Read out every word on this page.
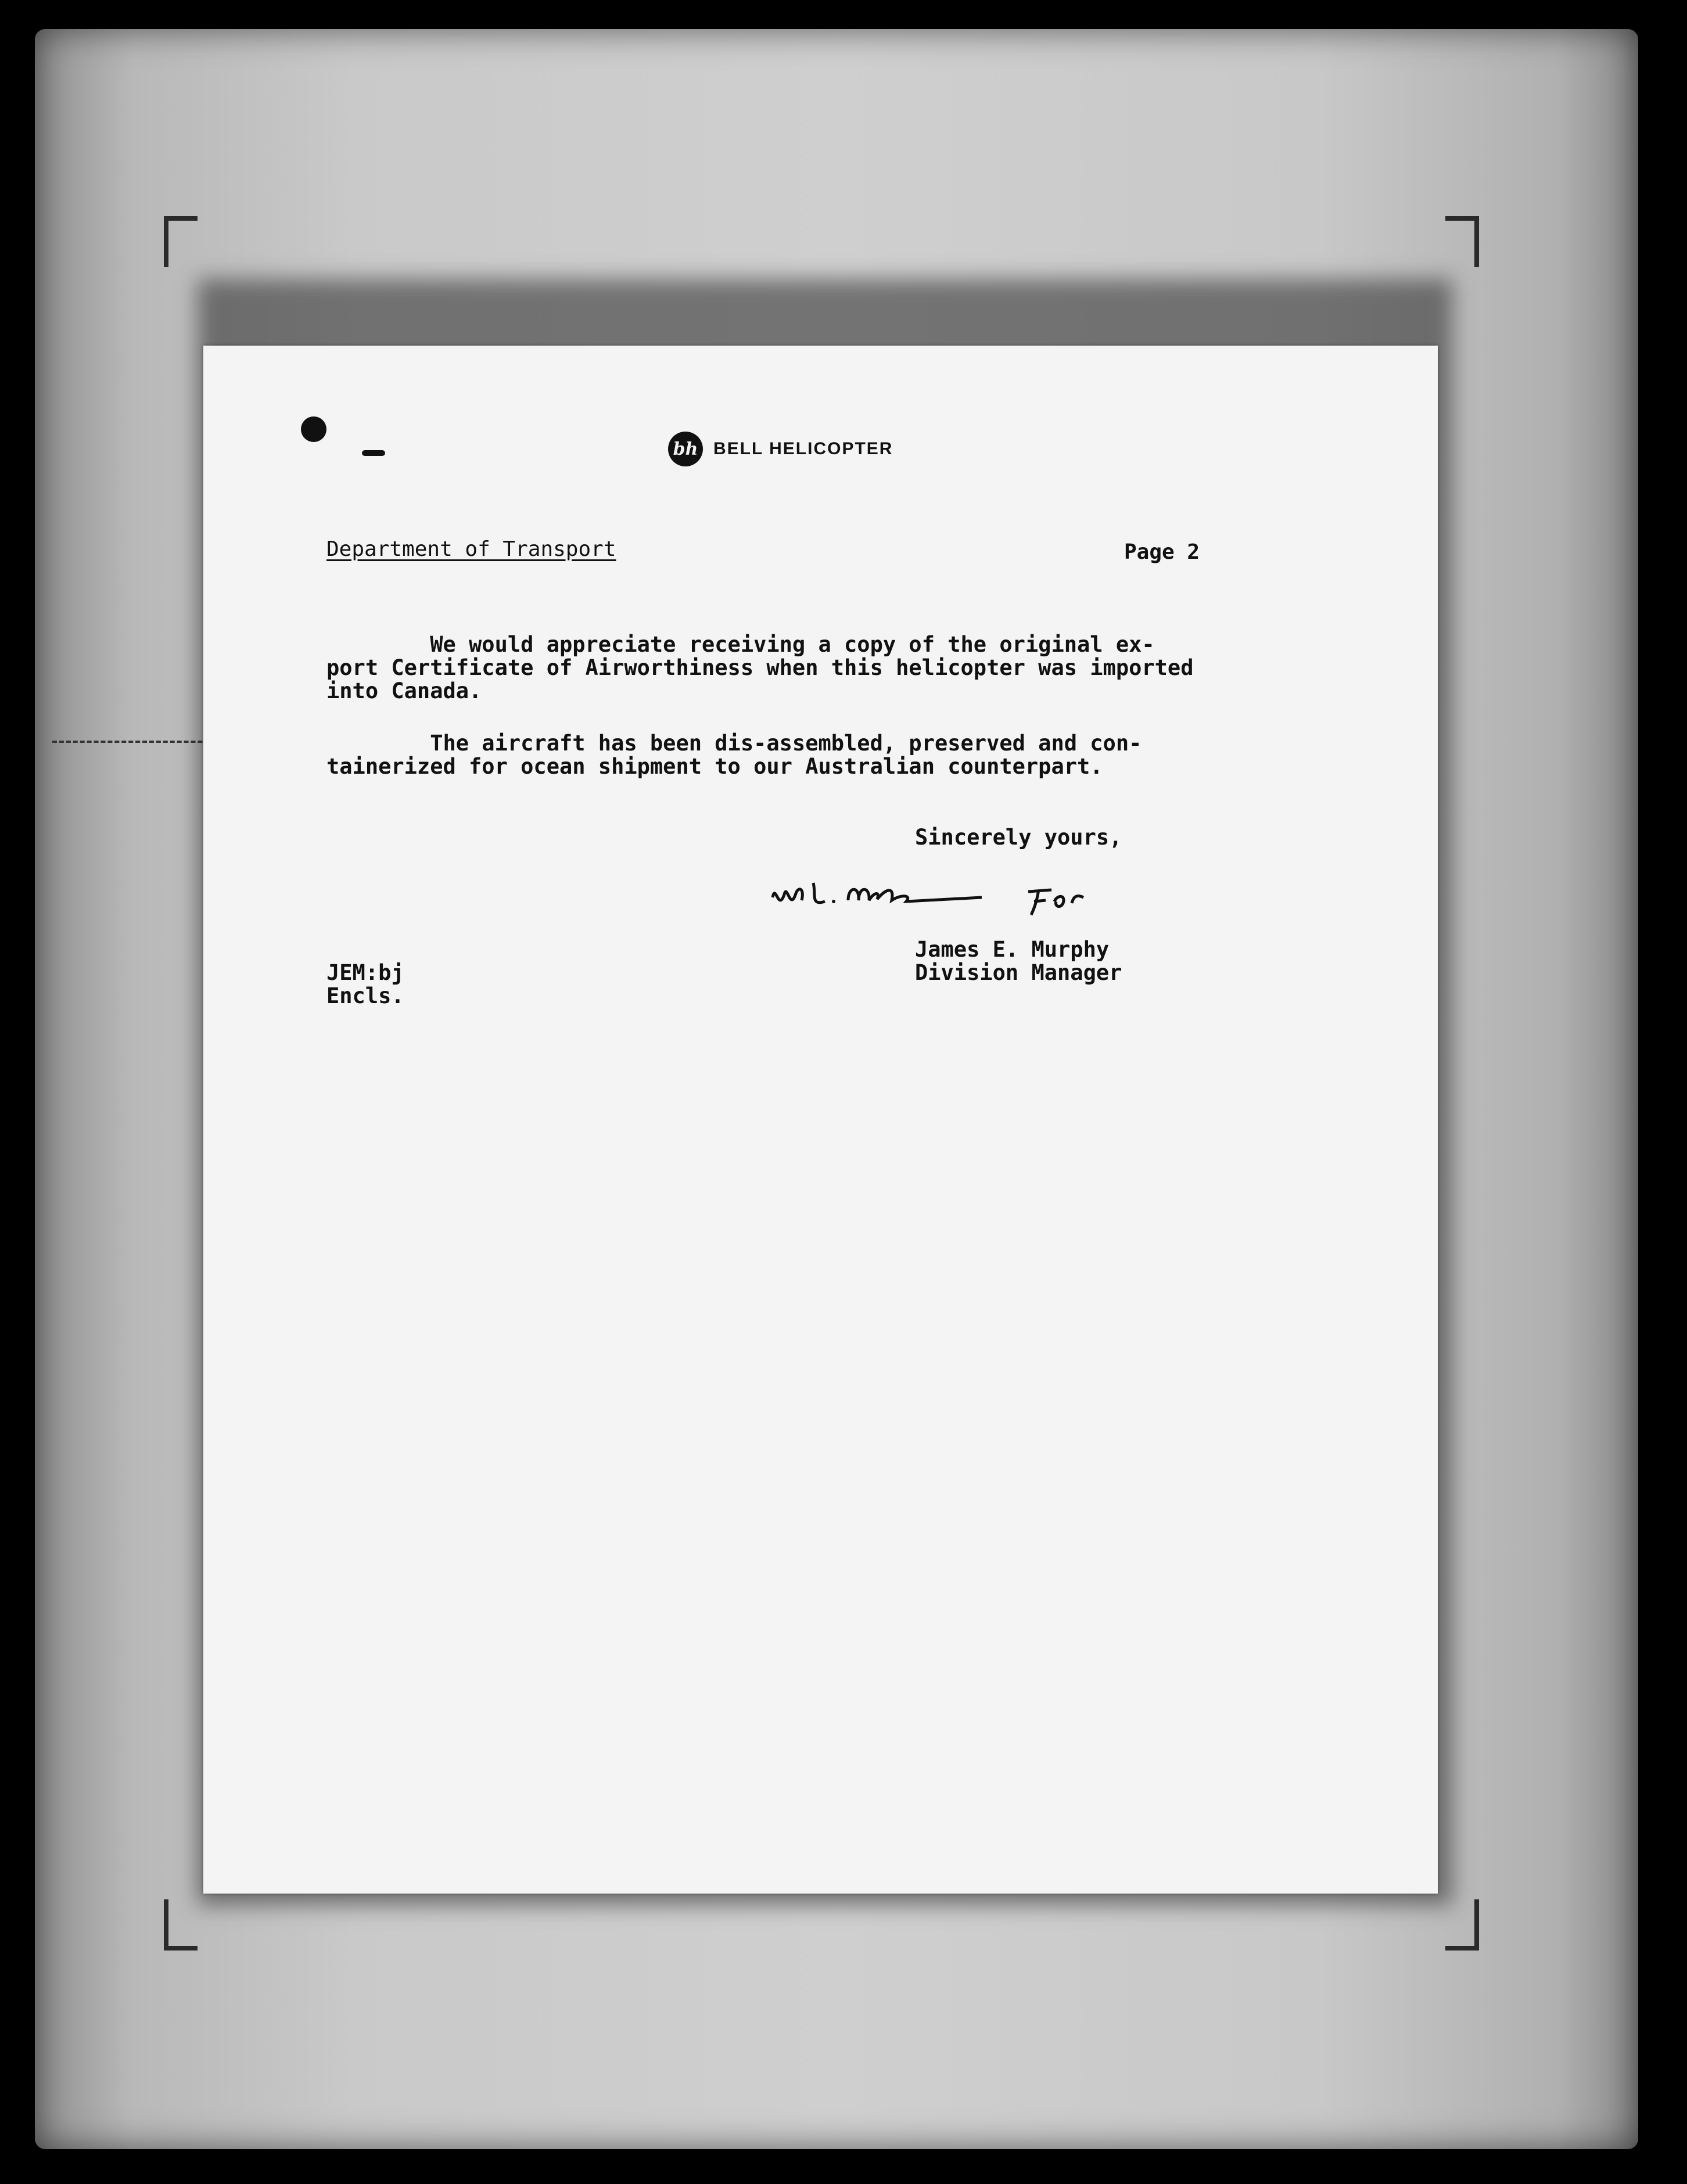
bh BELL HELICOPTER
Department of Transport	Page 2
We would appreciate receiving a copy of the original ex-
port Certificate of Airworthiness when this helicopter was imported
into Canada.
The aircraft has been dis-assembled, preserved and con-
tainerized for ocean shipment to our Australian counterpart.
Sincerely yours,
James E. Murphy
Division Manager
JEM:bj
Encls.
